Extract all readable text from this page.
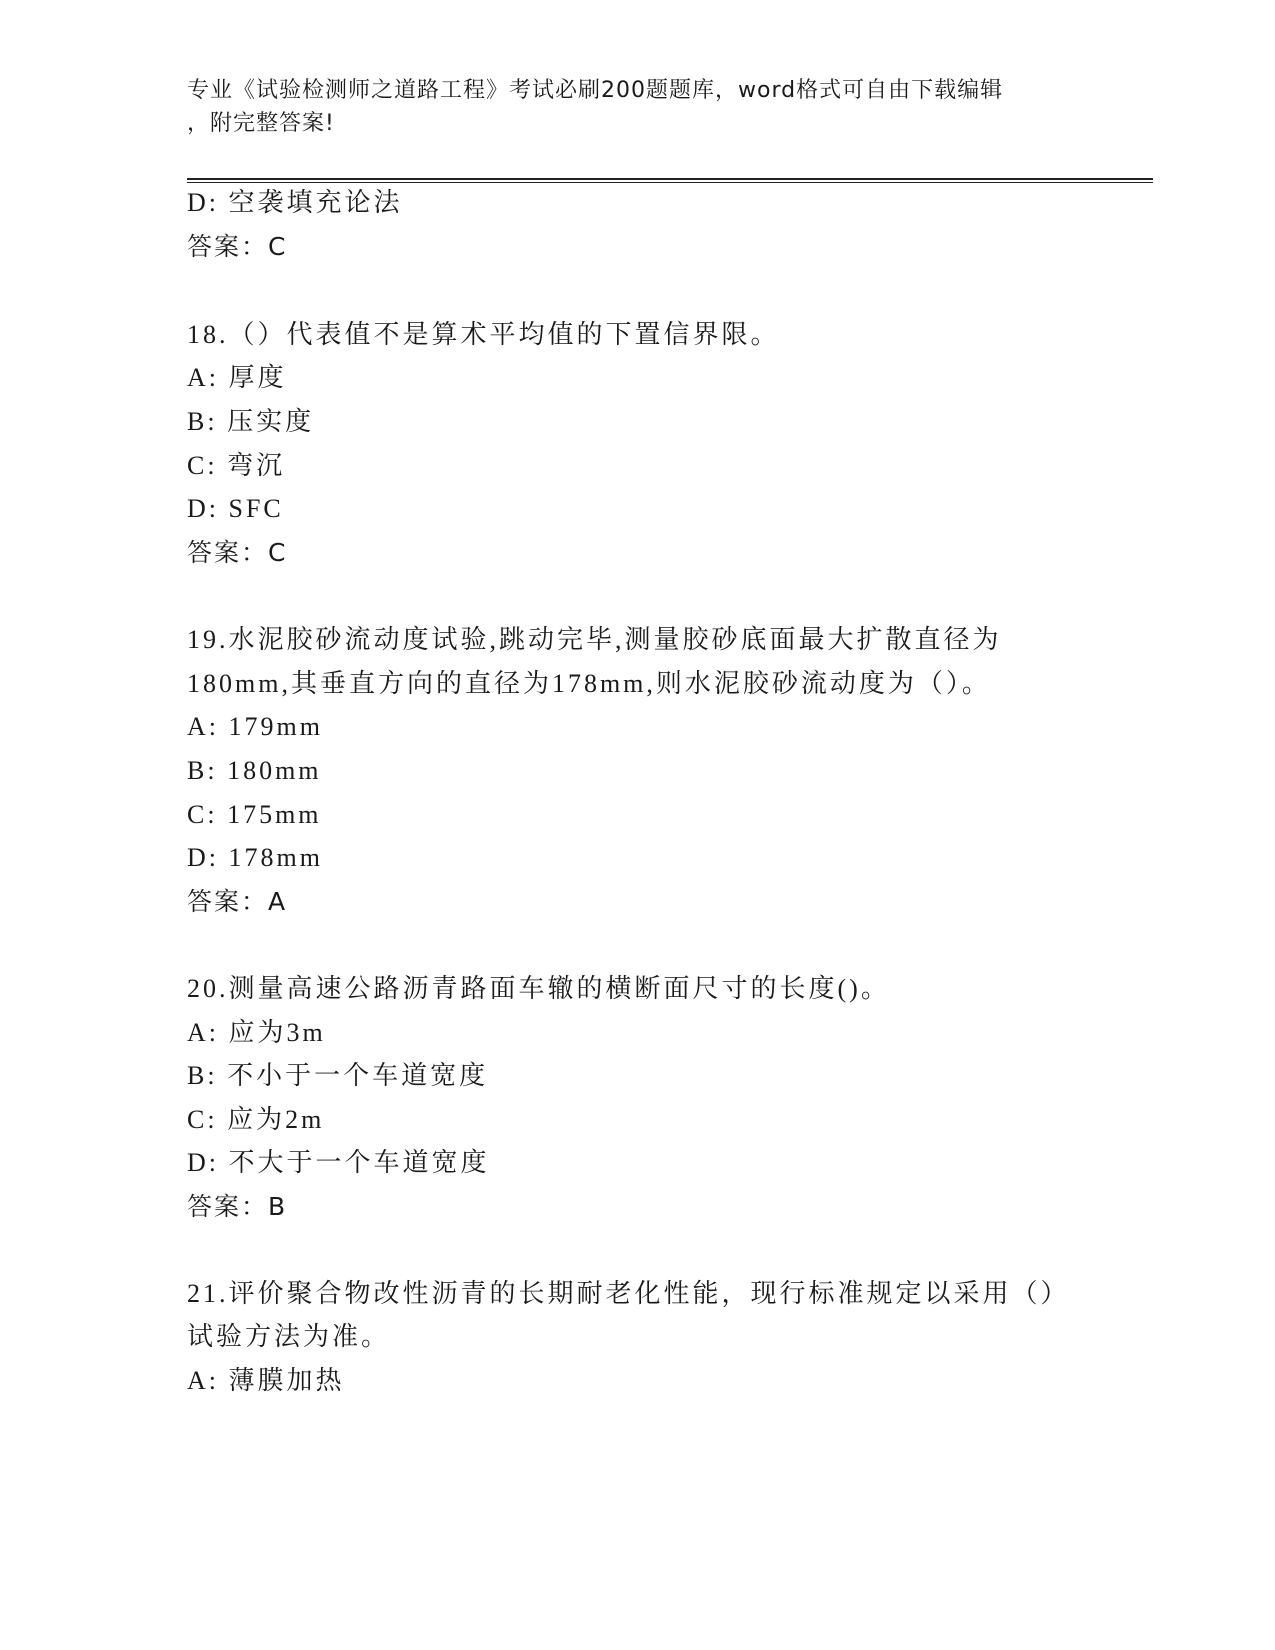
专业《试验检测师之道路工程》考试必刷200题题库，word格式可自由下载编辑
，附完整答案!
D: 空袭填充论法
答案：C
18.（）代表值不是算术平均值的下置信界限。
A: 厚度
B: 压实度
C: 弯沉
D: SFC
答案：C
19.水泥胶砂流动度试验,跳动完毕,测量胶砂底面最大扩散直径为
180mm,其垂直方向的直径为178mm,则水泥胶砂流动度为（）。
A: 179mm
B: 180mm
C: 175mm
D: 178mm
答案：A
20.测量高速公路沥青路面车辙的横断面尺寸的长度()。
A: 应为3m
B: 不小于一个车道宽度
C: 应为2m
D: 不大于一个车道宽度
答案：B
21.评价聚合物改性沥青的长期耐老化性能，现行标准规定以采用（）
试验方法为准。
A: 薄膜加热
